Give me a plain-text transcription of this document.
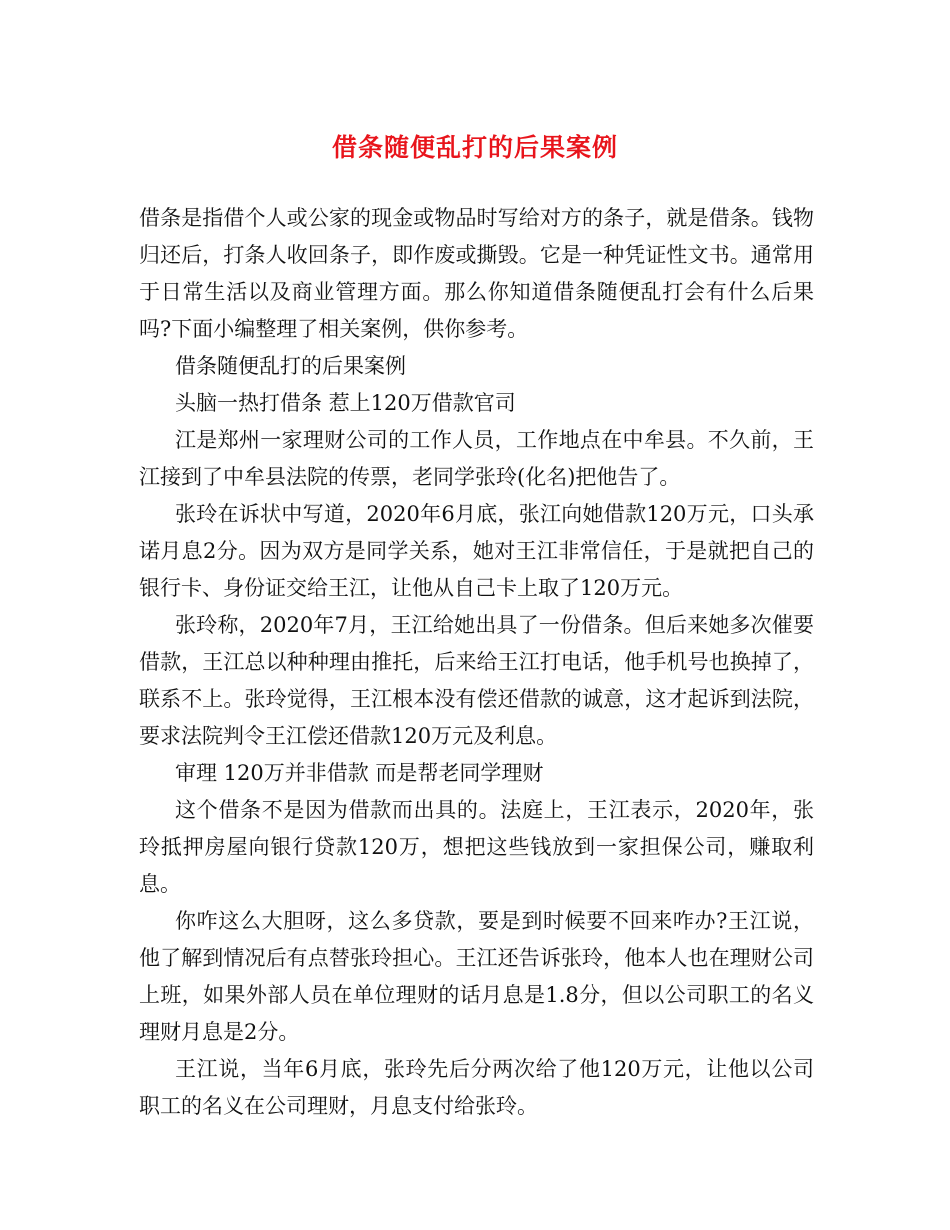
借条随便乱打的后果案例

借条是指借个人或公家的现金或物品时写给对方的条子，就是借条。钱物归还后，打条人收回条子，即作废或撕毁。它是一种凭证性文书。通常用于日常生活以及商业管理方面。那么你知道借条随便乱打会有什么后果吗?下面小编整理了相关案例，供你参考。

借条随便乱打的后果案例

头脑一热打借条 惹上120万借款官司

江是郑州一家理财公司的工作人员，工作地点在中牟县。不久前，王江接到了中牟县法院的传票，老同学张玲(化名)把他告了。

张玲在诉状中写道，2020年6月底，张江向她借款120万元，口头承诺月息2分。因为双方是同学关系，她对王江非常信任，于是就把自己的银行卡、身份证交给王江，让他从自己卡上取了120万元。

张玲称，2020年7月，王江给她出具了一份借条。但后来她多次催要借款，王江总以种种理由推托，后来给王江打电话，他手机号也换掉了，联系不上。张玲觉得，王江根本没有偿还借款的诚意，这才起诉到法院，要求法院判令王江偿还借款120万元及利息。

审理 120万并非借款 而是帮老同学理财

这个借条不是因为借款而出具的。法庭上，王江表示，2020年，张玲抵押房屋向银行贷款120万，想把这些钱放到一家担保公司，赚取利息。

你咋这么大胆呀，这么多贷款，要是到时候要不回来咋办?王江说，他了解到情况后有点替张玲担心。王江还告诉张玲，他本人也在理财公司上班，如果外部人员在单位理财的话月息是1.8分，但以公司职工的名义理财月息是2分。

王江说，当年6月底，张玲先后分两次给了他120万元，让他以公司职工的名义在公司理财，月息支付给张玲。
